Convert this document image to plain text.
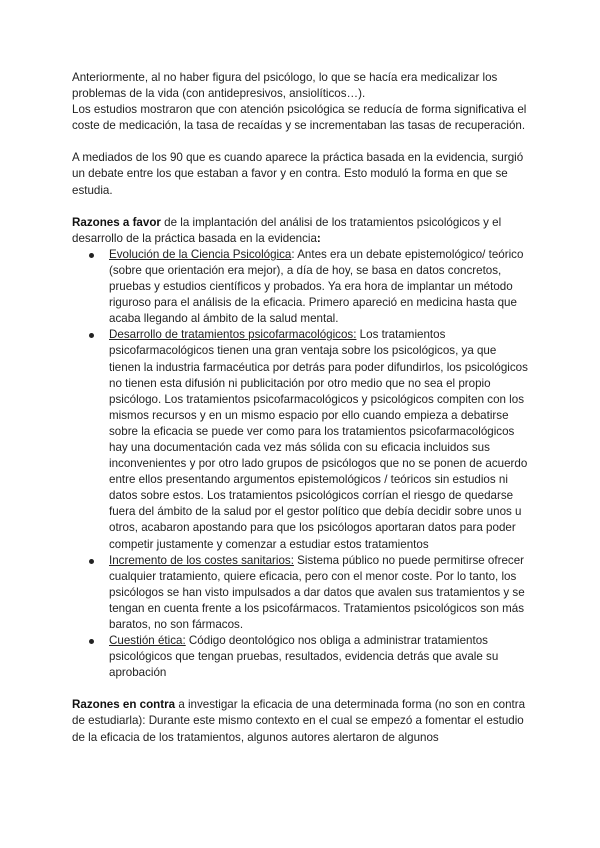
Anteriormente, al no haber figura del psicólogo, lo que se hacía era medicalizar los problemas de la vida (con antidepresivos, ansiolíticos…).

Los estudios mostraron que con atención psicológica se reducía de forma significativa el coste de medicación, la tasa de recaídas y se incrementaban las tasas de recuperación.

A mediados de los 90 que es cuando aparece la práctica basada en la evidencia, surgió un debate entre los que estaban a favor y en contra. Esto moduló la forma en que se estudia.

Razones a favor de la implantación del análisi de los tratamientos psicológicos y el desarrollo de la práctica basada en la evidencia:

Evolución de la Ciencia Psicológica: Antes era un debate epistemológico/ teórico (sobre que orientación era mejor), a día de hoy, se basa en datos concretos, pruebas y estudios científicos y probados. Ya era hora de implantar un método riguroso para el análisis de la eficacia. Primero apareció en medicina hasta que acaba llegando al ámbito de la salud mental.
Desarrollo de tratamientos psicofarmacológicos: Los tratamientos psicofarmacológicos tienen una gran ventaja sobre los psicológicos, ya que tienen la industria farmacéutica por detrás para poder difundirlos, los psicológicos no tienen esta difusión ni publicitación por otro medio que no sea el propio psicólogo. Los tratamientos psicofarmacológicos y psicológicos compiten con los mismos recursos y en un mismo espacio por ello cuando empieza a debatirse sobre la eficacia se puede ver como para los tratamientos psicofarmacológicos hay una documentación cada vez más sólida con su eficacia incluidos sus inconvenientes y por otro lado grupos de psicólogos que no se ponen de acuerdo entre ellos presentando argumentos epistemológicos / teóricos sin estudios ni datos sobre estos. Los tratamientos psicológicos corrían el riesgo de quedarse fuera del ámbito de la salud por el gestor político que debía decidir sobre unos u otros, acabaron apostando para que los psicólogos aportaran datos para poder competir justamente y comenzar a estudiar estos tratamientos
Incremento de los costes sanitarios: Sistema público no puede permitirse ofrecer cualquier tratamiento, quiere eficacia, pero con el menor coste. Por lo tanto, los psicólogos se han visto impulsados a dar datos que avalen sus tratamientos y se tengan en cuenta frente a los psicofármacos. Tratamientos psicológicos son más baratos, no son fármacos.
Cuestión ética: Código deontológico nos obliga a administrar tratamientos psicológicos que tengan pruebas, resultados, evidencia detrás que avale su aprobación

Razones en contra a investigar la eficacia de una determinada forma (no son en contra de estudiarla): Durante este mismo contexto en el cual se empezó a fomentar el estudio de la eficacia de los tratamientos, algunos autores alertaron de algunos
